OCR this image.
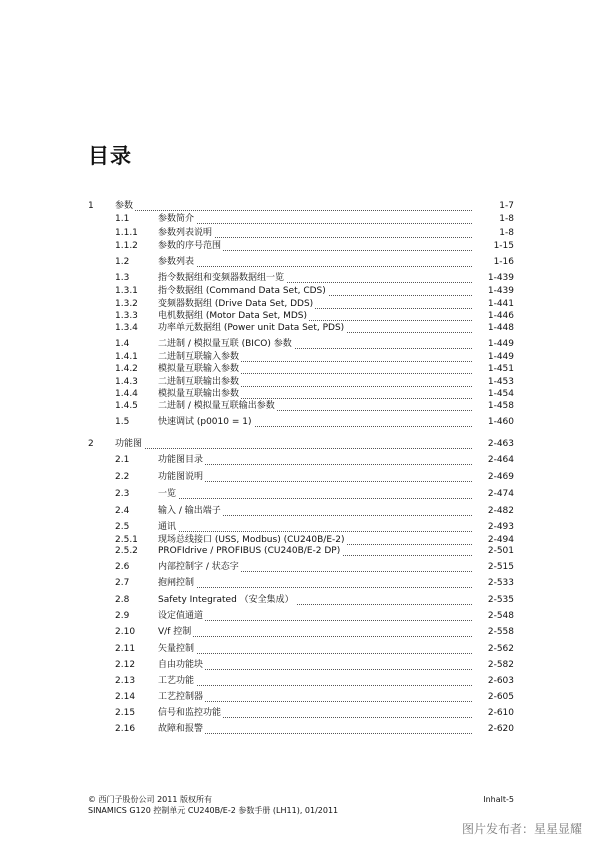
目录
1 参数	1-7
1.1	参数简介	1-8
1.1.1 参数列表说明	1-8
1.1.2 参数的序号范围	1-15
1.2	参数列表	1-16
1.3	指令数据组和变频器数据组一览	1-439
1.3.1 指令数据组 (Command Data Set, CDS)	1-439
1.3.2 变频器数据组 (Drive Data Set, DDS)	1-441
1.3.3 电机数据组 (Motor Data Set, MDS)	1-446
1.3.4 功率单元数据组 (Power unit Data Set, PDS)	1-448
1.4	二进制 / 模拟量互联 (BICO) 参数	1-449
1.4.1 二进制互联输入参数	1-449
1.4.2 模拟量互联输入参数	1-451
1.4.3 二进制互联输出参数	1-453
1.4.4 模拟量互联输出参数	1-454
1.4.5 二进制 / 模拟量互联输出参数	1-458
1.5	快速调试 (p0010 = 1)	1-460
2 功能图	2-463
2.1	功能图目录	2-464
2.2	功能图说明	2-469
2.3	一览	2-474
2.4	输入 / 输出端子	2-482
2.5	通讯	2-493
2.5.1 现场总线接口 (USS, Modbus) (CU240B/E-2)	2-494
2.5.2 PROFIdrive / PROFIBUS (CU240B/E-2 DP)	2-501
2.6	内部控制字 / 状态字	2-515
2.7	抱闸控制	2-533
2.8	Safety Integrated （安全集成）	2-535
2.9	设定值通道	2-548
2.10	V/f 控制	2-558
2.11	矢量控制	2-562
2.12	自由功能块	2-582
2.13	工艺功能	2-603
2.14	工艺控制器	2-605
2.15	信号和监控功能	2-610
2.16	故障和报警	2-620
© 西门子股份公司 2011 版权所有
SINAMICS G120 控制单元 CU240B/E-2 参数手册 (LH11), 01/2011
Inhalt-5
图片发布者：星星显耀
